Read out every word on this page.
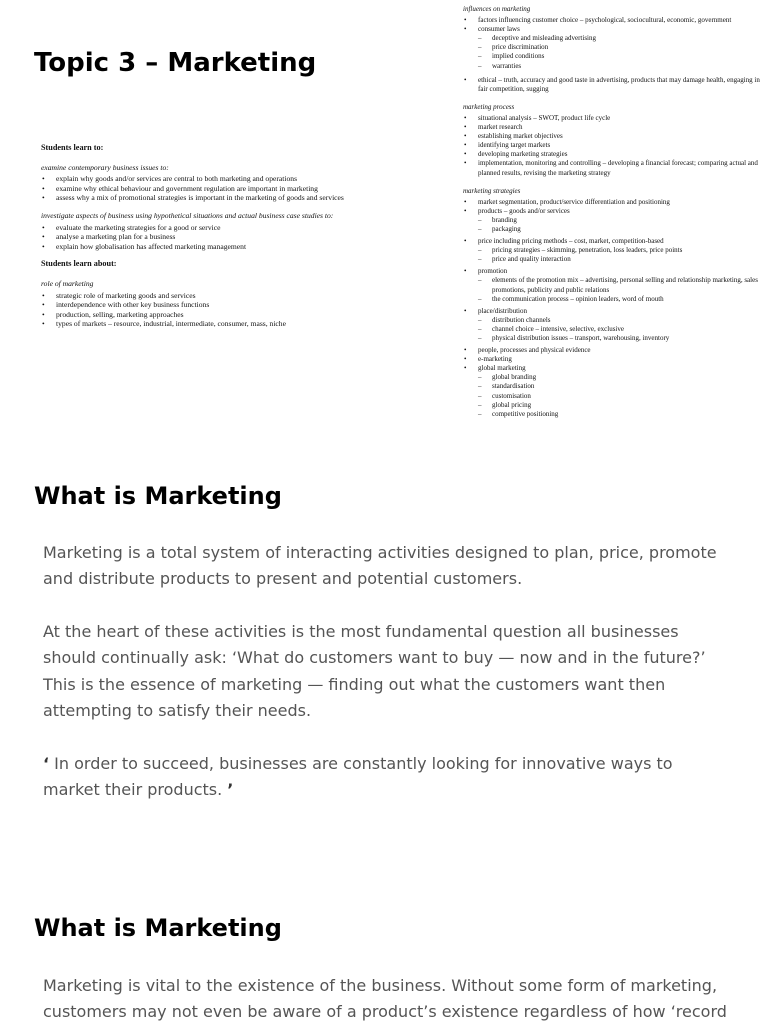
Topic 3 – Marketing

Students learn to:

examine contemporary business issues to:

• explain why goods and/or services are central to both marketing and operations
• examine why ethical behaviour and government regulation are important in marketing
• assess why a mix of promotional strategies is important in the marketing of goods and services

investigate aspects of business using hypothetical situations and actual business case studies to:

• evaluate the marketing strategies for a good or service
• analyse a marketing plan for a business
• explain how globalisation has affected marketing management

Students learn about:

role of marketing

• strategic role of marketing goods and services
• interdependence with other key business functions
• production, selling, marketing approaches
• types of markets – resource, industrial, intermediate, consumer, mass, niche

influences on marketing

• factors influencing customer choice – psychological, sociocultural, economic, government
• consumer laws
– deceptive and misleading advertising
– price discrimination
– implied conditions
– warranties
• ethical – truth, accuracy and good taste in advertising, products that may damage health, engaging in fair competition, sugging

marketing process

• situational analysis – SWOT, product life cycle
• market research
• establishing market objectives
• identifying target markets
• developing marketing strategies
• implementation, monitoring and controlling – developing a financial forecast; comparing actual and planned results, revising the marketing strategy

marketing strategies

• market segmentation, product/service differentiation and positioning
• products – goods and/or services
– branding
– packaging
• price including pricing methods – cost, market, competition-based
– pricing strategies – skimming, penetration, loss leaders, price points
– price and quality interaction
• promotion
– elements of the promotion mix – advertising, personal selling and relationship marketing, sales promotions, publicity and public relations
– the communication process – opinion leaders, word of mouth
• place/distribution
– distribution channels
– channel choice – intensive, selective, exclusive
– physical distribution issues – transport, warehousing, inventory
• people, processes and physical evidence
• e-marketing
• global marketing
– global branding
– standardisation
– customisation
– global pricing
– competitive positioning
What is Marketing

Marketing is a total system of interacting activities designed to plan, price, promote and distribute products to present and potential customers.

At the heart of these activities is the most fundamental question all businesses should continually ask: ‘What do customers want to buy — now and in the future?’ This is the essence of marketing — finding out what the customers want then attempting to satisfy their needs.

‘ In order to succeed, businesses are constantly looking for innovative ways to market their products. ’

What is Marketing

Marketing is vital to the existence of the business. Without some form of marketing, customers may not even be aware of a product’s existence regardless of how ‘record
